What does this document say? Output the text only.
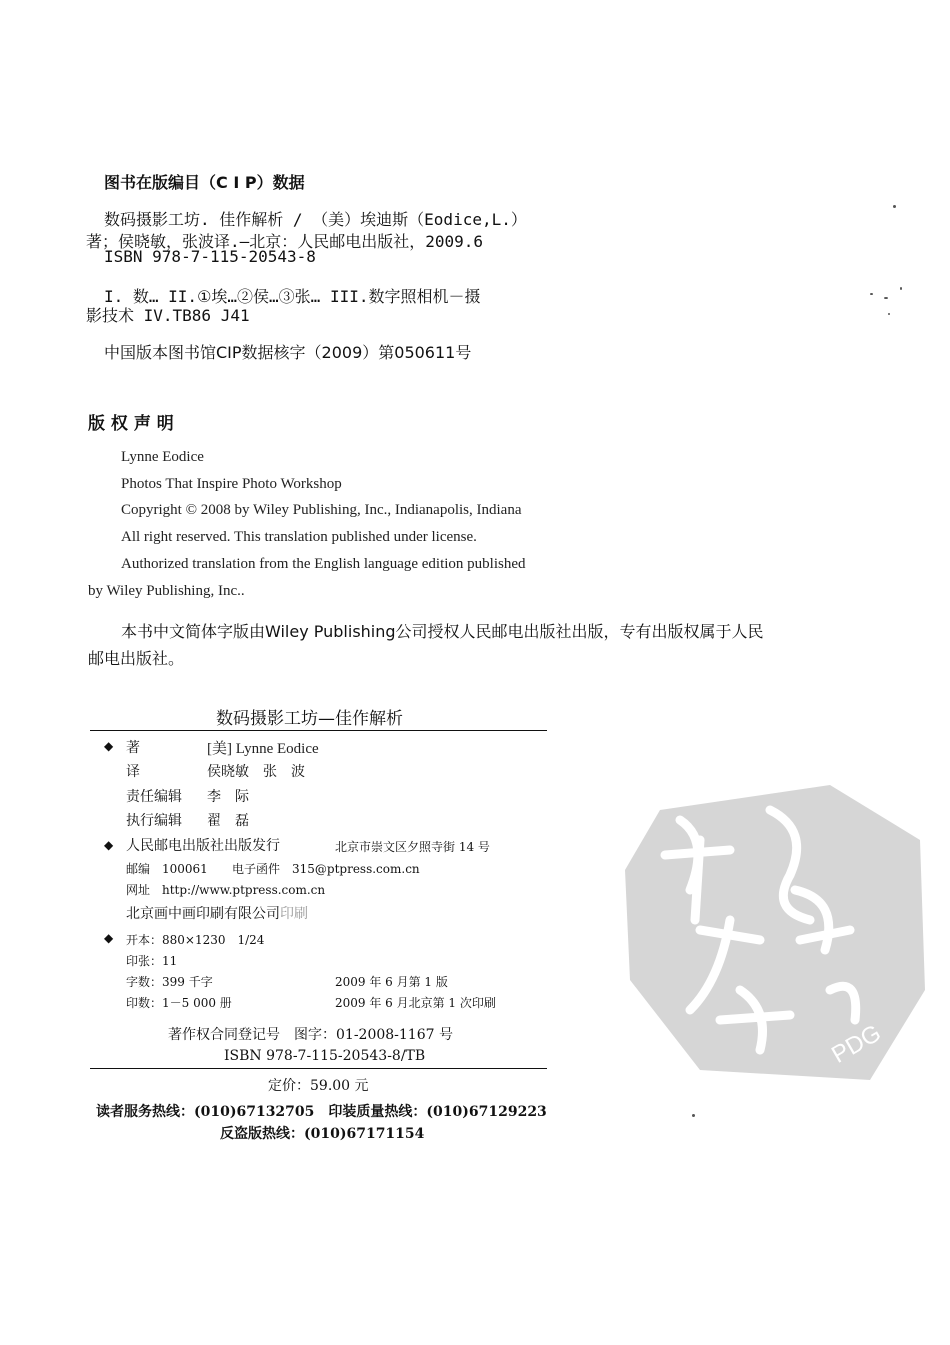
图书在版编目（C I P）数据
数码摄影工坊. 佳作解析 / （美）埃迪斯（Eodice,L.）
著；侯晓敏，张波译.—北京：人民邮电出版社，2009.6
ISBN 978-7-115-20543-8
I. 数… II.①埃…②侯…③张… III.数字照相机－摄
影技术 IV.TB86 J41
中国版本图书馆CIP数据核字（2009）第050611号
版 权 声 明
Lynne Eodice
Photos That Inspire Photo Workshop
Copyright © 2008 by Wiley Publishing, Inc., Indianapolis, Indiana
All right reserved. This translation published under license.
Authorized translation from the English language edition published
by Wiley Publishing, Inc..
本书中文简体字版由Wiley Publishing公司授权人民邮电出版社出版，专有出版权属于人民
邮电出版社。
数码摄影工坊—佳作解析
◆ 著	[美] Lynne Eodice
译	侯晓敏　张　波
责任编辑 李　际
执行编辑 翟　磊
◆ 人民邮电出版社出版发行	北京市崇文区夕照寺街 14 号
邮编　100061 电子函件　315@ptpress.com.cn
网址　http://www.ptpress.com.cn
北京画中画印刷有限公司印刷
◆ 开本：880×1230　1/24
印张：11
字数：399 千字	2009 年 6 月第 1 版
印数：1－5 000 册	2009 年 6 月北京第 1 次印刷
著作权合同登记号　图字：01-2008-1167 号
ISBN 978-7-115-20543-8/TB
定价：59.00 元
读者服务热线：(010)67132705　印装质量热线：(010)67129223
反盗版热线：(010)67171154
PDG
